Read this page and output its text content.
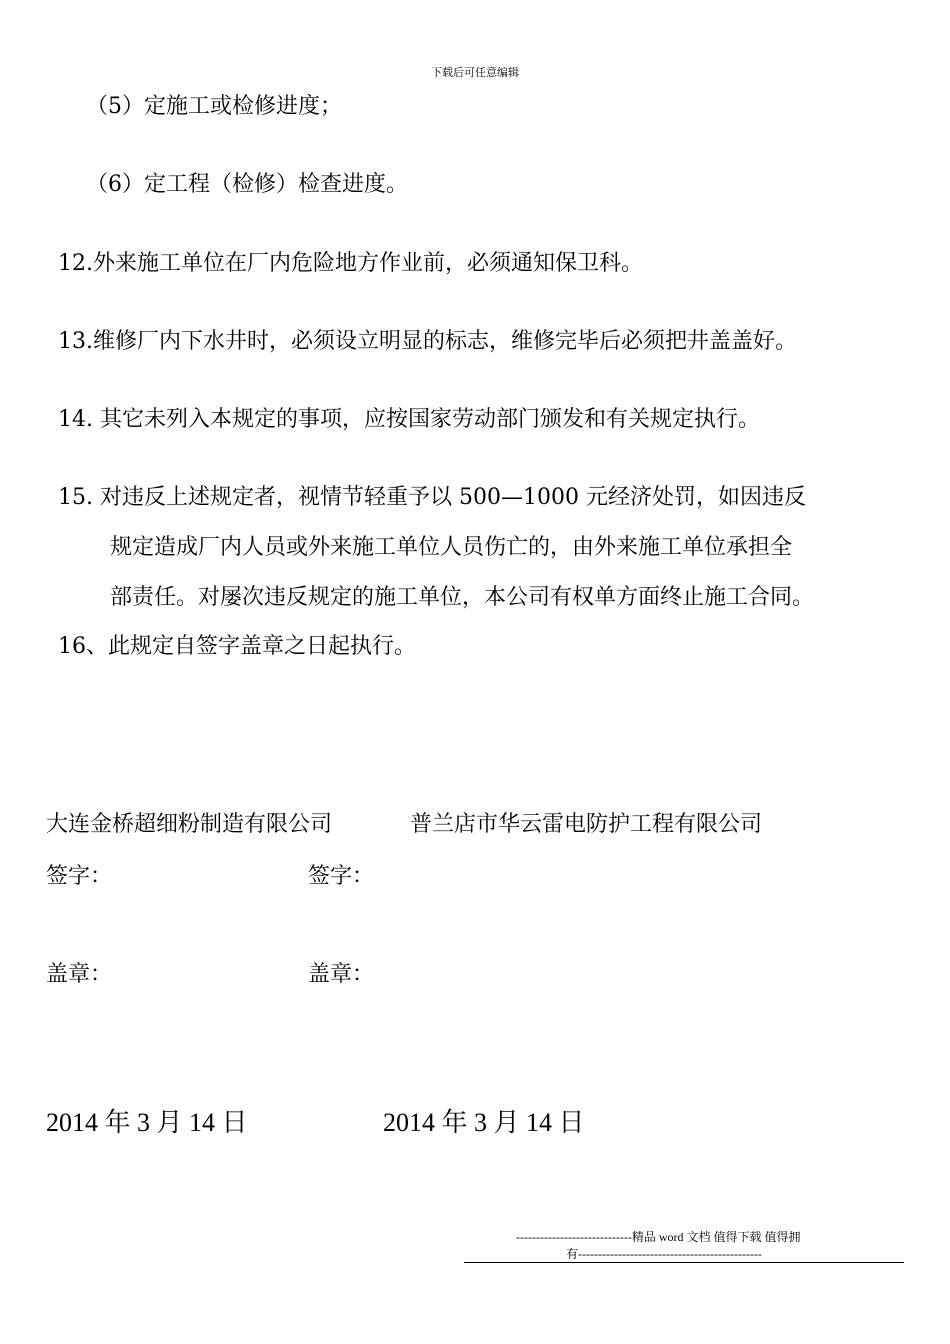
下载后可任意编辑
（5）定施工或检修进度；
（6）定工程（检修）检查进度。
12.外来施工单位在厂内危险地方作业前，必须通知保卫科。
13.维修厂内下水井时，必须设立明显的标志，维修完毕后必须把井盖盖好。
14. 其它未列入本规定的事项，应按国家劳动部门颁发和有关规定执行。
15. 对违反上述规定者，视情节轻重予以 500—1000 元经济处罚，如因违反
规定造成厂内人员或外来施工单位人员伤亡的，由外来施工单位承担全
部责任。对屡次违反规定的施工单位，本公司有权单方面终止施工合同。
16、此规定自签字盖章之日起执行。
大连金桥超细粉制造有限公司	普兰店市华云雷电防护工程有限公司
签字：	签字：
盖章：	盖章：
2014 年 3 月 14 日	2014 年 3 月 14 日
-----------------------------精品 word 文档 值得下载 值得拥
有----------------------------------------------
